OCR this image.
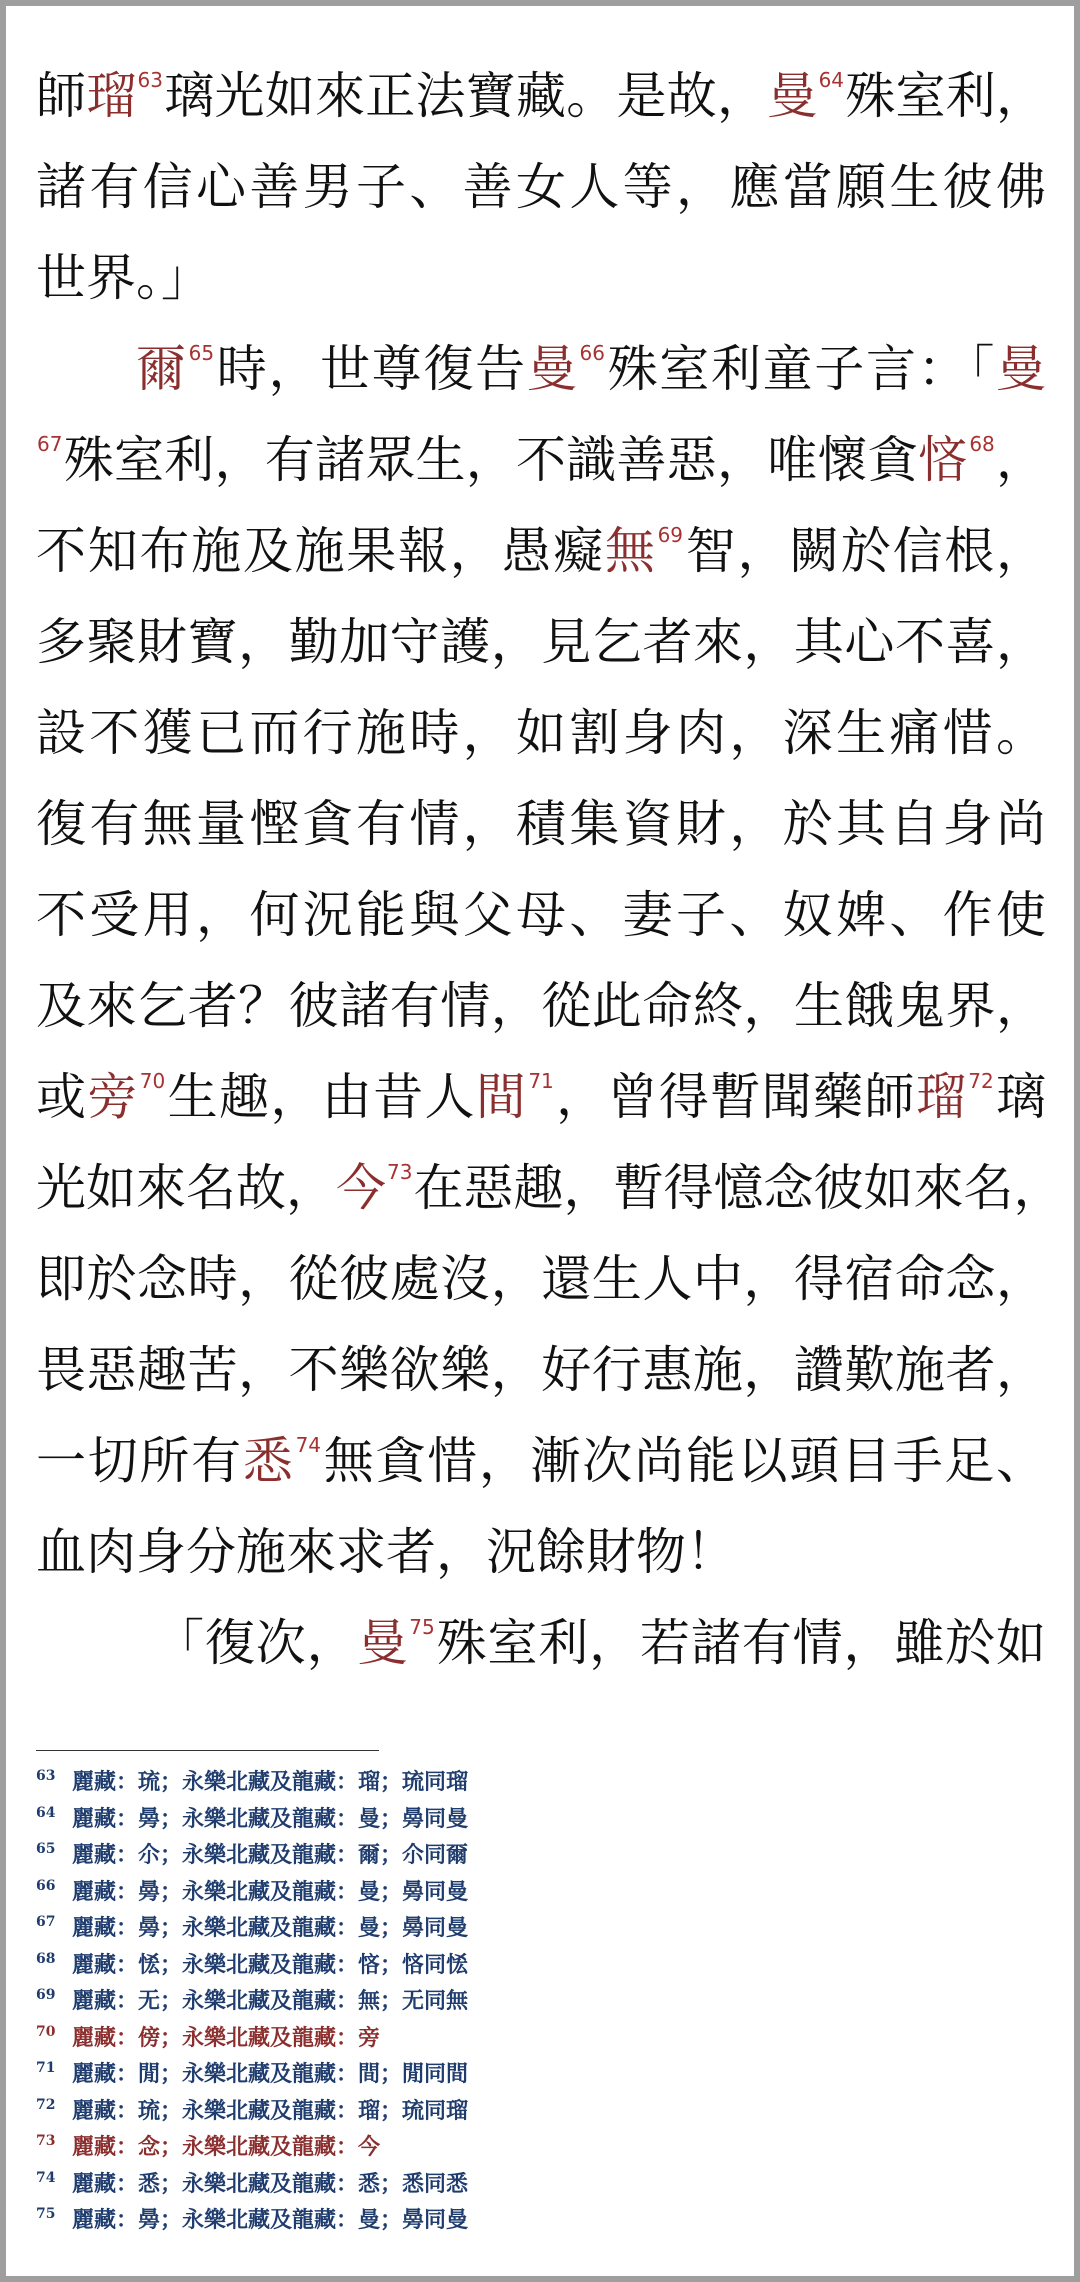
師瑠$^{63}$璃光如來正法寶藏。是故，曼$^{64}$殊室利，
諸有信心善男子、善女人等，應當願生彼佛
世界。」
爾$^{65}$時，世尊復告曼$^{66}$殊室利童子言：「曼
$^{67}$殊室利，有諸眾生，不識善惡，唯懷貪悋$^{68}$，
不知布施及施果報，愚癡無$^{69}$智，闕於信根，
多聚財寶，勤加守護，見乞者來，其心不喜，
設不獲已而行施時，如割身肉，深生痛惜。
復有無量慳貪有情，積集資財，於其自身尚
不受用，何況能與父母、妻子、奴婢、作使
及來乞者？彼諸有情，從此命終，生餓鬼界，
或旁$^{70}$生趣，由昔人間$^{71}$，曾得暫聞藥師瑠$^{72}$璃
光如來名故，今$^{73}$在惡趣，暫得憶念彼如來名，
即於念時，從彼處沒，還生人中，得宿命念，
畏惡趣苦，不樂欲樂，好行惠施，讚歎施者，
一切所有悉$^{74}$無貪惜，漸次尚能以頭目手足、
血肉身分施來求者，況餘財物！
「復次，曼$^{75}$殊室利，若諸有情，雖於如
63 麗藏：琉；永樂北藏及龍藏：瑠；琉同瑠
64 麗藏：㬅；永樂北藏及龍藏：曼；㬅同曼
65 麗藏：尒；永樂北藏及龍藏：爾；尒同爾
66 麗藏：㬅；永樂北藏及龍藏：曼；㬅同曼
67 麗藏：㬅；永樂北藏及龍藏：曼；㬅同曼
68 麗藏：恡；永樂北藏及龍藏：悋；悋同恡
69 麗藏：无；永樂北藏及龍藏：無；无同無
70 麗藏：傍；永樂北藏及龍藏：旁
71 麗藏：閒；永樂北藏及龍藏：間；閒同間
72 麗藏：琉；永樂北藏及龍藏：瑠；琉同瑠
73 麗藏：念；永樂北藏及龍藏：今
74 麗藏：悉；永樂北藏及龍藏：悉；悉同悉
75 麗藏：㬅；永樂北藏及龍藏：曼；㬅同曼
